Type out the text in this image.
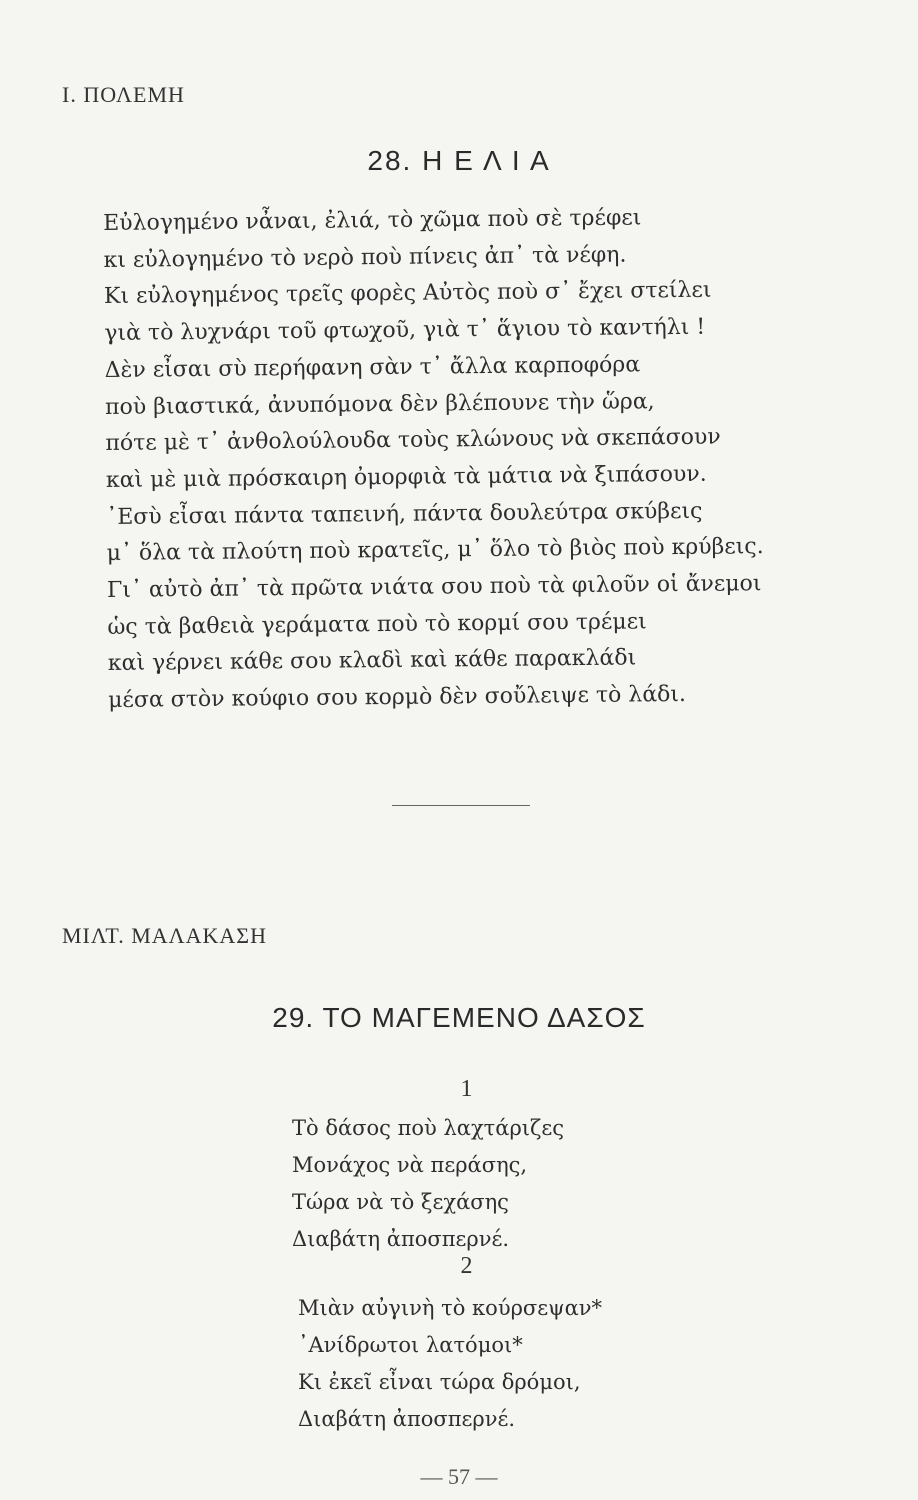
Ι. ΠΟΛΕΜΗ
28. Η Ε Λ Ι Α
Εὐλογημένο νἆναι, ἐλιά, τὸ χῶμα ποὺ σὲ τρέφει
κι εὐλογημένο τὸ νερὸ ποὺ πίνεις ἀπ᾿ τὰ νέφη.
Κι εὐλογημένος τρεῖς φορὲς Αὐτὸς ποὺ σ᾿ ἔχει στείλει
γιὰ τὸ λυχνάρι τοῦ φτωχοῦ, γιὰ τ᾿ ἅγιου τὸ καντήλι !
Δὲν εἶσαι σὺ περήφανη σὰν τ᾿ ἄλλα καρποφόρα
ποὺ βιαστικά, ἀνυπόμονα δὲν βλέπουνε τὴν ὥρα,
πότε μὲ τ᾿ ἀνθολούλουδα τοὺς κλώνους νὰ σκεπάσουν
καὶ μὲ μιὰ πρόσκαιρη ὀμορφιὰ τὰ μάτια νὰ ξιπάσουν.
᾿Εσὺ εἶσαι πάντα ταπεινή, πάντα δουλεύτρα σκύβεις
μ᾿ ὅλα τὰ πλούτη ποὺ κρατεῖς, μ᾿ ὅλο τὸ βιὸς ποὺ κρύβεις.
Γι᾿ αὐτὸ ἀπ᾿ τὰ πρῶτα νιάτα σου ποὺ τὰ φιλοῦν οἱ ἄνεμοι
ὡς τὰ βαθειὰ γεράματα ποὺ τὸ κορμί σου τρέμει
καὶ γέρνει κάθε σου κλαδὶ καὶ κάθε παρακλάδι
μέσα στὸν κούφιο σου κορμὸ δὲν σοὔλειψε τὸ λάδι.
ΜΙΛΤ. ΜΑΛΑΚΑΣΗ
29. ΤΟ ΜΑΓΕΜΕΝΟ ΔΑΣΟΣ
1
Τὸ δάσος ποὺ λαχτάριζες
Μονάχος νὰ περάσης,
Τώρα νὰ τὸ ξεχάσης
Διαβάτη ἀποσπερνέ.
2
Μιὰν αὐγινὴ τὸ κούρσεψαν*
᾿Ανίδρωτοι λατόμοι*
Κι ἐκεῖ εἶναι τώρα δρόμοι,
Διαβάτη ἀποσπερνέ.
— 57 —
